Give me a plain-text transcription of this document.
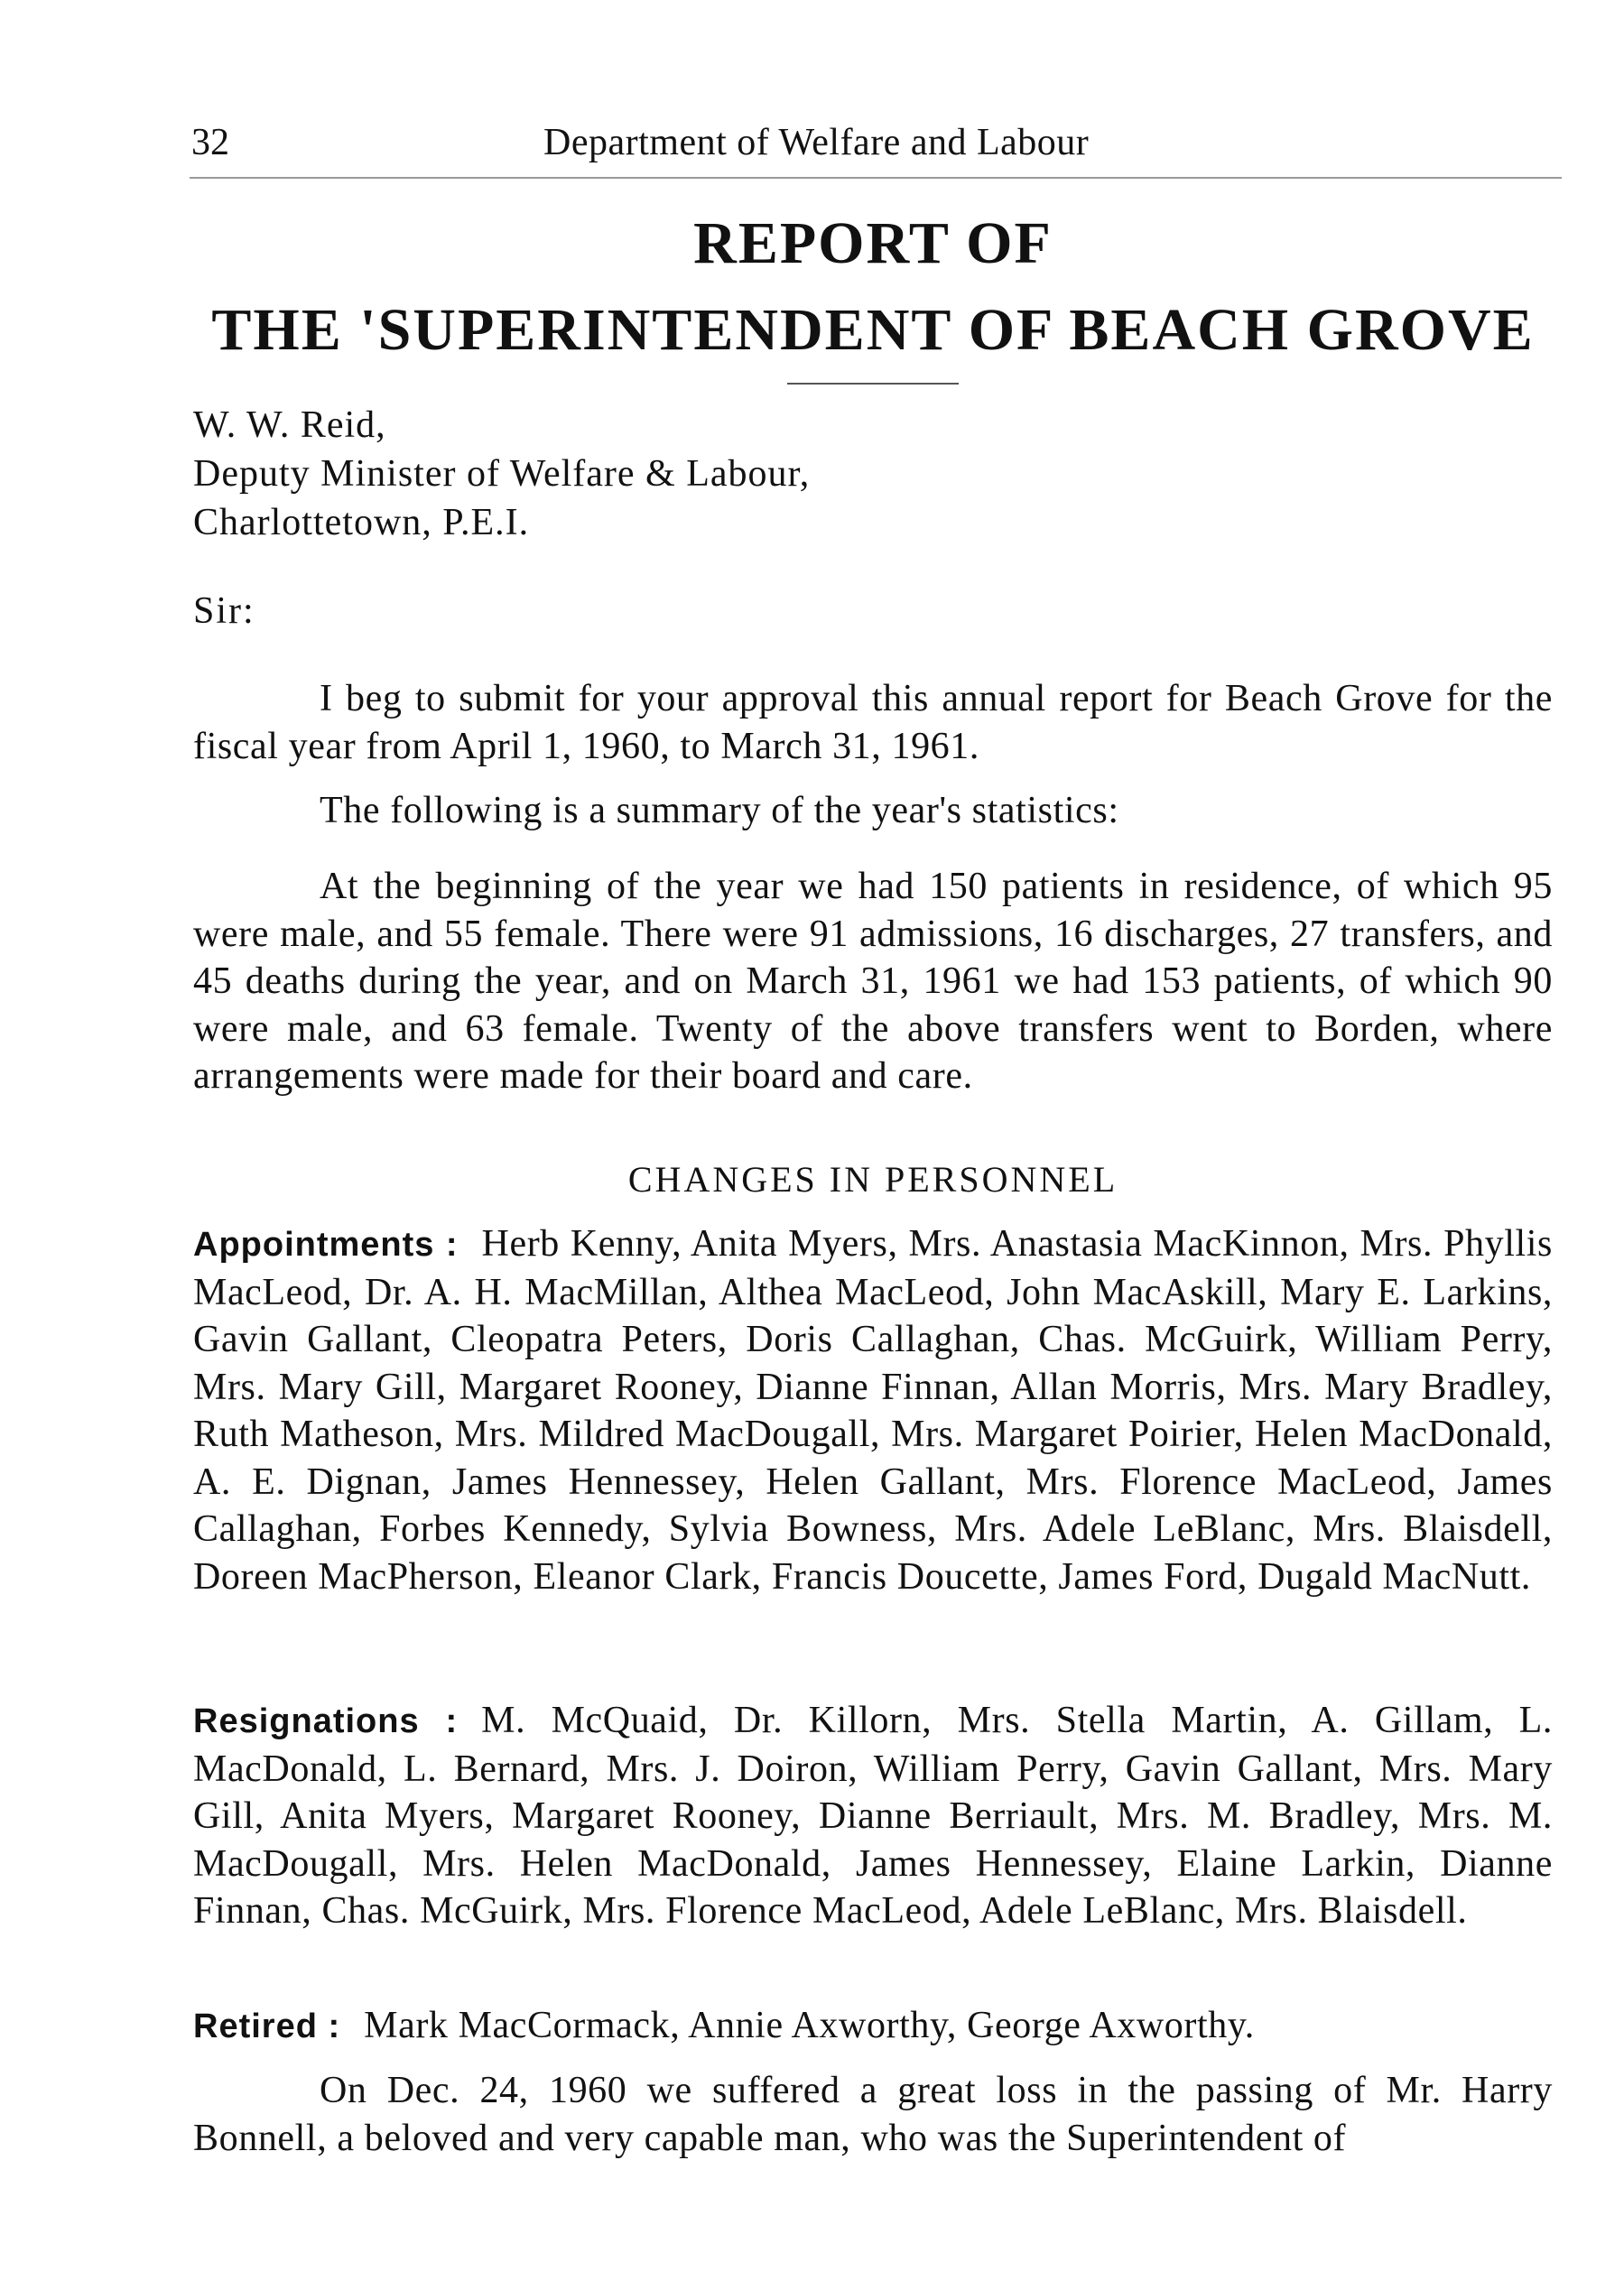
32	Department of Welfare and Labour
REPORT OF
THE 'SUPERINTENDENT OF BEACH GROVE
W. W. Reid,
Deputy Minister of Welfare & Labour,
Charlottetown, P.E.I.
Sir:

I beg to submit for your approval this annual report for Beach Grove for the fiscal year from April 1, 1960, to March 31, 1961.

The following is a summary of the year's statistics:

At the beginning of the year we had 150 patients in residence, of which 95 were male, and 55 female. There were 91 admissions, 16 discharges, 27 transfers, and 45 deaths during the year, and on March 31, 1961 we had 153 patients, of which 90 were male, and 63 female. Twenty of the above transfers went to Borden, where arrangements were made for their board and care.

CHANGES IN PERSONNEL

Appointments : Herb Kenny, Anita Myers, Mrs. Anastasia MacKinnon, Mrs. Phyllis MacLeod, Dr. A. H. MacMillan, Althea MacLeod, John MacAskill, Mary E. Larkins, Gavin Gallant, Cleopatra Peters, Doris Callaghan, Chas. McGuirk, William Perry, Mrs. Mary Gill, Margaret Rooney, Dianne Finnan, Allan Morris, Mrs. Mary Bradley, Ruth Matheson, Mrs. Mildred MacDougall, Mrs. Margaret Poirier, Helen MacDonald, A. E. Dignan, James Hennessey, Helen Gallant, Mrs. Florence MacLeod, James Callaghan, Forbes Kennedy, Sylvia Bowness, Mrs. Adele LeBlanc, Mrs. Blaisdell, Doreen MacPherson, Eleanor Clark, Francis Doucette, James Ford, Dugald MacNutt.

Resignations : M. McQuaid, Dr. Killorn, Mrs. Stella Martin, A. Gillam, L. MacDonald, L. Bernard, Mrs. J. Doiron, William Perry, Gavin Gallant, Mrs. Mary Gill, Anita Myers, Margaret Rooney, Dianne Berriault, Mrs. M. Bradley, Mrs. M. MacDougall, Mrs. Helen MacDonald, James Hennessey, Elaine Larkin, Dianne Finnan, Chas. McGuirk, Mrs. Florence MacLeod, Adele LeBlanc, Mrs. Blaisdell.

Retired : Mark MacCormack, Annie Axworthy, George Axworthy.

On Dec. 24, 1960 we suffered a great loss in the passing of Mr. Harry Bonnell, a beloved and very capable man, who was the Superintendent of
